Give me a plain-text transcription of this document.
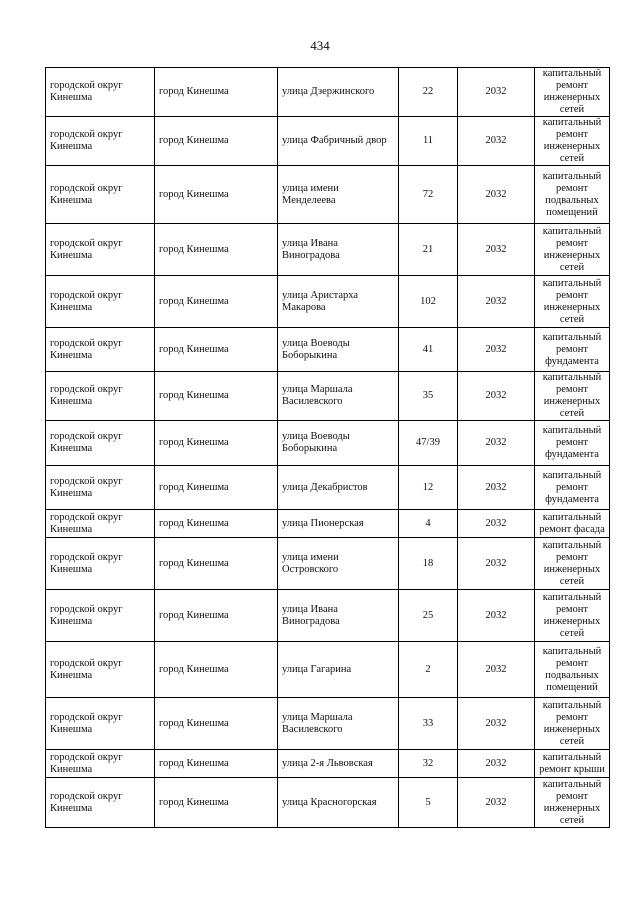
434
городской округ Кинешма	город Кинешма	улица Дзержинского	22	2032	капитальный ремонт инженерных сетей
городской округ Кинешма	город Кинешма	улица Фабричный двор	11	2032	капитальный ремонт инженерных сетей
городской округ Кинешма	город Кинешма	улица имени Менделеева	72	2032	капитальный ремонт подвальных помещений
городской округ Кинешма	город Кинешма	улица Ивана Виноградова	21	2032	капитальный ремонт инженерных сетей
городской округ Кинешма	город Кинешма	улица Аристарха Макарова	102	2032	капитальный ремонт инженерных сетей
городской округ Кинешма	город Кинешма	улица Воеводы Боборыкина	41	2032	капитальный ремонт фундамента
городской округ Кинешма	город Кинешма	улица Маршала Василевского	35	2032	капитальный ремонт инженерных сетей
городской округ Кинешма	город Кинешма	улица Воеводы Боборыкина	47/39	2032	капитальный ремонт фундамента
городской округ Кинешма	город Кинешма	улица Декабристов	12	2032	капитальный ремонт фундамента
городской округ Кинешма	город Кинешма	улица Пионерская	4	2032	капитальный ремонт фасада
городской округ Кинешма	город Кинешма	улица имени Островского	18	2032	капитальный ремонт инженерных сетей
городской округ Кинешма	город Кинешма	улица Ивана Виноградова	25	2032	капитальный ремонт инженерных сетей
городской округ Кинешма	город Кинешма	улица Гагарина	2	2032	капитальный ремонт подвальных помещений
городской округ Кинешма	город Кинешма	улица Маршала Василевского	33	2032	капитальный ремонт инженерных сетей
городской округ Кинешма	город Кинешма	улица 2-я Львовская	32	2032	капитальный ремонт крыши
городской округ Кинешма	город Кинешма	улица Красногорская	5	2032	капитальный ремонт инженерных сетей
